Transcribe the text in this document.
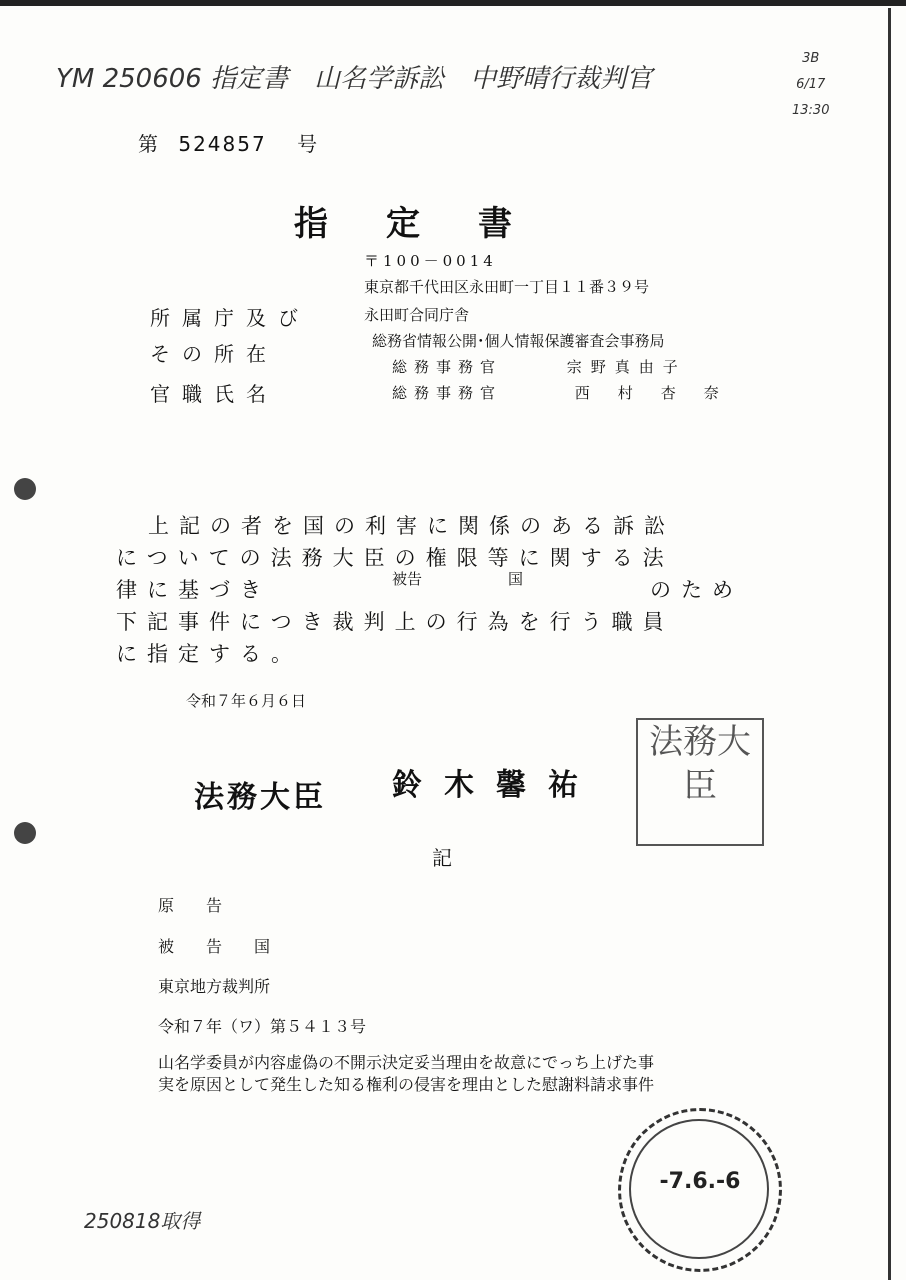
YM 250606 指定書　山名学訴訟　中野晴行裁判官
3B
6/17
13:30
250818取得
第 524857 号
指定書
所属庁及び
その所在
官職氏名
〒100－0014
東京都千代田区永田町一丁目１１番３９号
永田町合同庁舎
総務省情報公開･個人情報保護審査会事務局
総務事務官	宗野真由子
総務事務官	西村杏奈
上記の者を国の利害に関係のある訴訟
についての法務大臣の権限等に関する法
律に基づき	被告	国	のため
下記事件につき裁判上の行為を行う職員
に指定する。
令和７年６月６日
法務大臣 鈴木馨祐
法務大臣
記
原　告
被　告　国
東京地方裁判所
令和７年（ワ）第５４１３号
山名学委員が内容虚偽の不開示決定妥当理由を故意にでっち上げた事
実を原因として発生した知る権利の侵害を理由とした慰謝料請求事件
-7.6.-6
